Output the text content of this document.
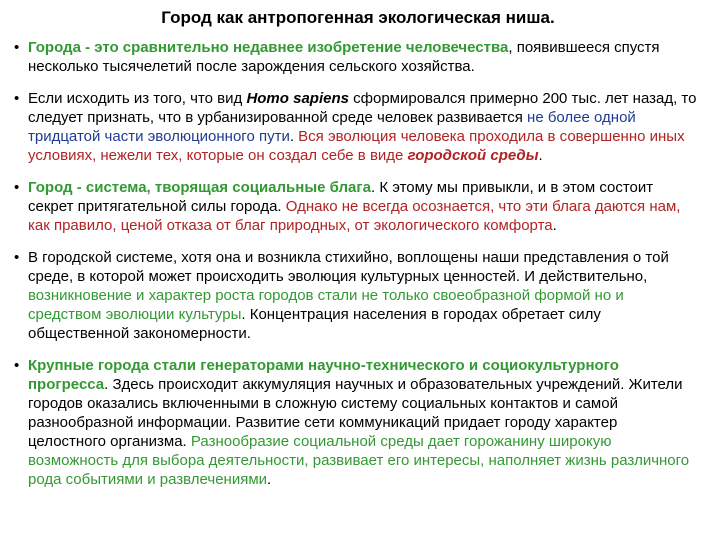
Город как антропогенная экологическая ниша.
• Города - это сравнительно недавнее изобретение человечества, появившееся спустя несколько тысячелетий после зарождения сельского хозяйства.
• Если исходить из того, что вид Homo sapiens сформировался примерно 200 тыс. лет назад, то следует признать, что в урбанизированной среде человек развивается не более одной тридцатой части эволюционного пути. Вся эволюция человека проходила в совершенно иных условиях, нежели тех, которые он создал себе в виде городской среды.
• Город - система, творящая социальные блага. К этому мы привыкли, и в этом состоит секрет притягательной силы города. Однако не всегда осознается, что эти блага даются нам, как правило, ценой отказа от благ природных, от экологического комфорта.
• В городской системе, хотя она и возникла стихийно, воплощены наши представления о той среде, в которой может происходить эволюция культурных ценностей. И действительно, возникновение и характер роста городов стали не только своеобразной формой но и средством эволюции культуры. Концентрация населения в городах обретает силу общественной закономерности.
• Крупные города стали генераторами научно-технического и социокультурного прогресса. Здесь происходит аккумуляция научных и образовательных учреждений. Жители городов оказались включенными в сложную систему социальных контактов и самой разнообразной информации. Развитие сети коммуникаций придает городу характер целостного организма. Разнообразие социальной среды дает горожанину широкую возможность для выбора деятельности, развивает его интересы, наполняет жизнь различного рода событиями и развлечениями.
